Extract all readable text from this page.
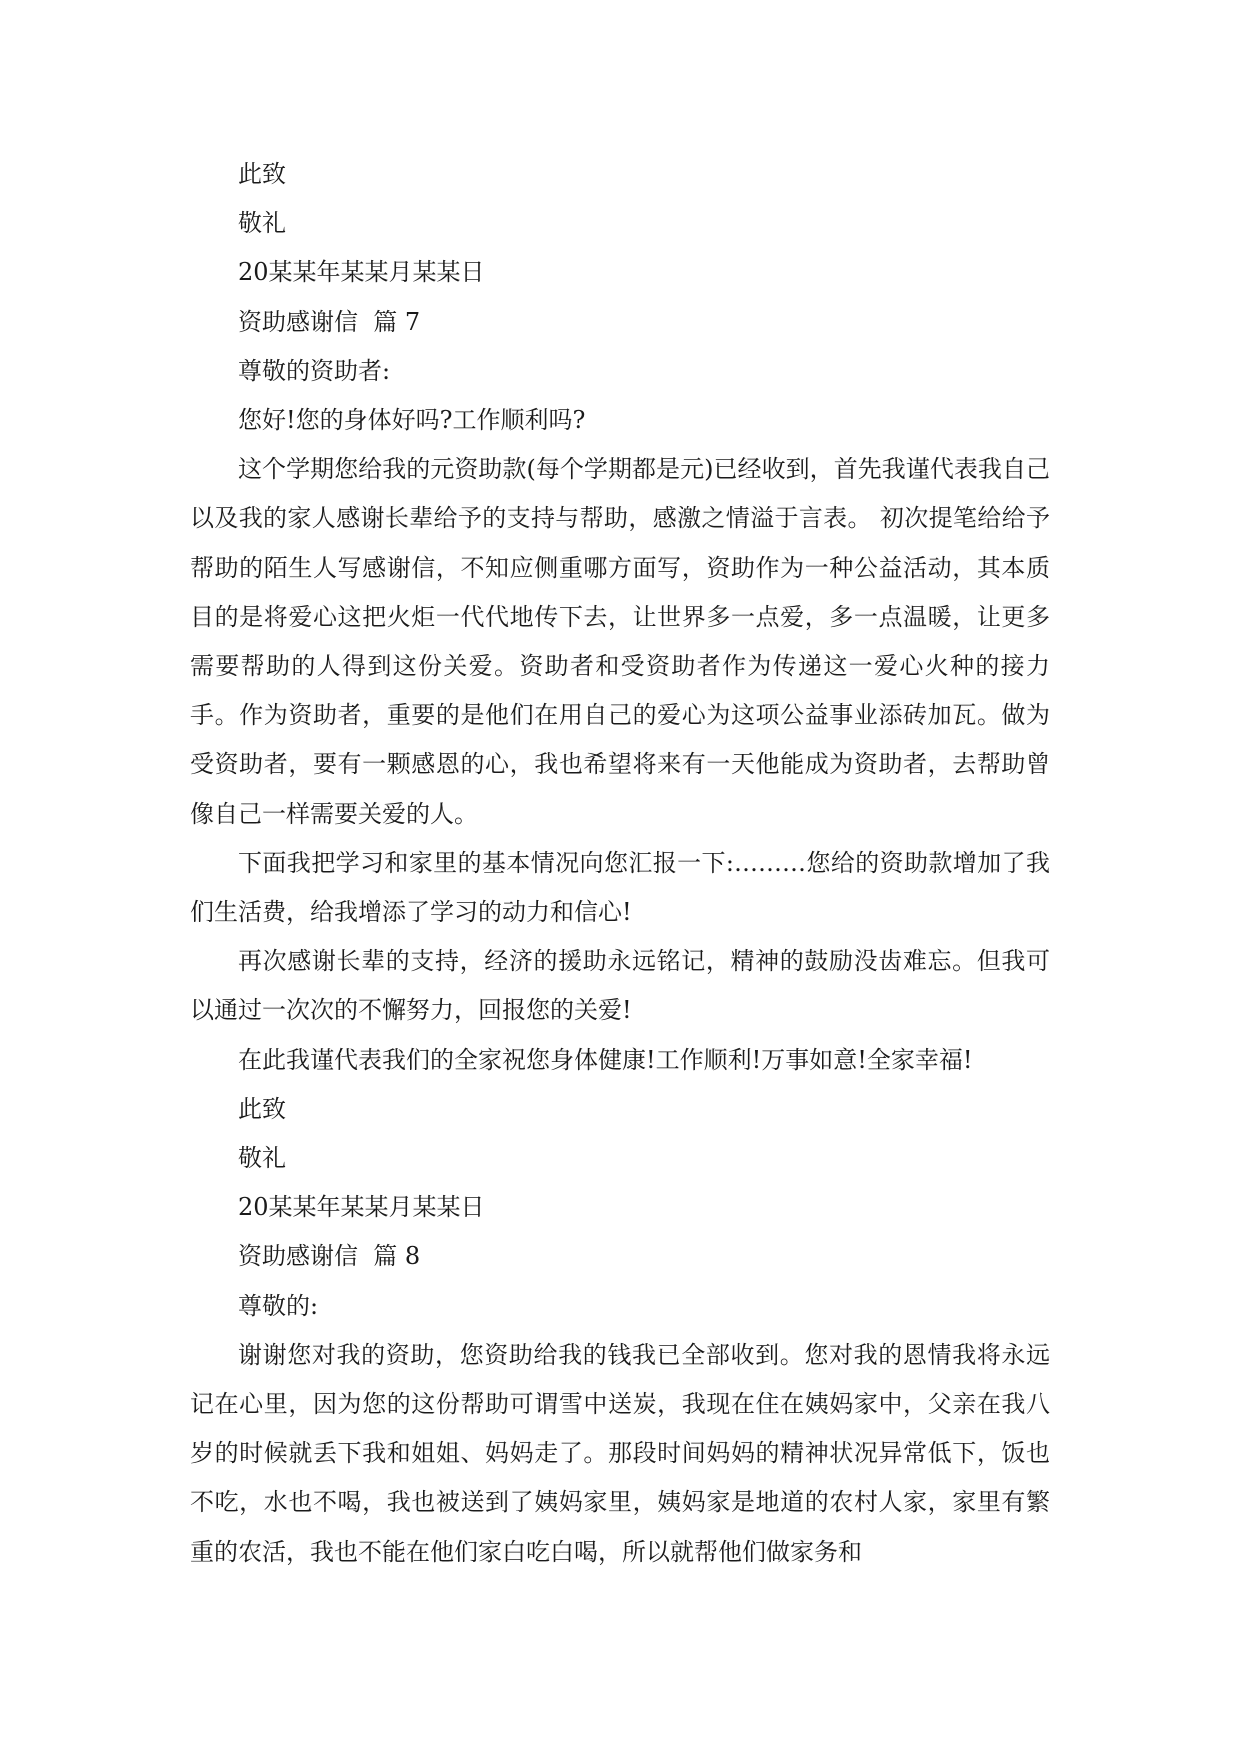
此致

敬礼

20某某年某某月某某日

资助感谢信  篇 7

尊敬的资助者:

您好!您的身体好吗?工作顺利吗?

这个学期您给我的元资助款(每个学期都是元)已经收到，首先我谨代表我自己以及我的家人感谢长辈给予的支持与帮助，感激之情溢于言表。 初次提笔给给予帮助的陌生人写感谢信，不知应侧重哪方面写，资助作为一种公益活动，其本质目的是将爱心这把火炬一代代地传下去，让世界多一点爱，多一点温暖，让更多需要帮助的人得到这份关爱。资助者和受资助者作为传递这一爱心火种的接力手。作为资助者，重要的是他们在用自己的爱心为这项公益事业添砖加瓦。做为受资助者，要有一颗感恩的心，我也希望将来有一天他能成为资助者，去帮助曾像自己一样需要关爱的人。

下面我把学习和家里的基本情况向您汇报一下:………您给的资助款增加了我们生活费，给我增添了学习的动力和信心!

再次感谢长辈的支持，经济的援助永远铭记，精神的鼓励没齿难忘。但我可以通过一次次的不懈努力，回报您的关爱!

在此我谨代表我们的全家祝您身体健康!工作顺利!万事如意!全家幸福!

此致

敬礼

20某某年某某月某某日

资助感谢信  篇 8

尊敬的:

谢谢您对我的资助，您资助给我的钱我已全部收到。您对我的恩情我将永远记在心里，因为您的这份帮助可谓雪中送炭，我现在住在姨妈家中，父亲在我八岁的时候就丢下我和姐姐、妈妈走了。那段时间妈妈的精神状况异常低下，饭也不吃，水也不喝，我也被送到了姨妈家里，姨妈家是地道的农村人家，家里有繁重的农活，我也不能在他们家白吃白喝，所以就帮他们做家务和
